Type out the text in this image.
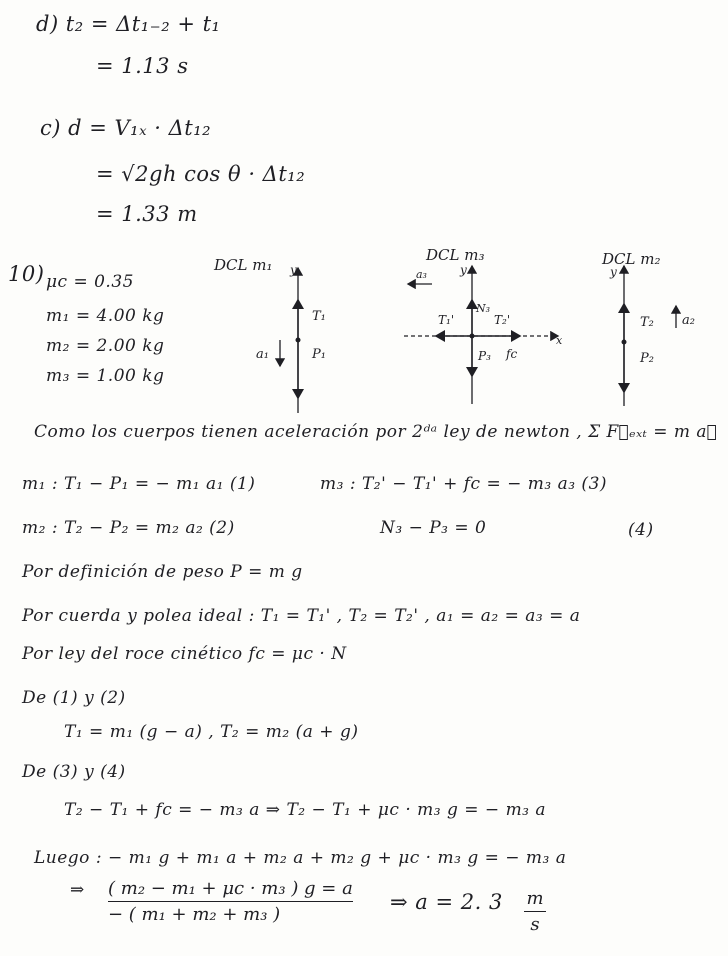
d) t₂ = Δt₁₋₂ + t₁
= 1.13 s
c) d = V₁ₓ · Δt₁₂
= √2gh cos θ · Δt₁₂
= 1.33 m
10) μc = 0.35
m₁ = 4.00 kg
m₂ = 2.00 kg
m₃ = 1.00 kg
DCL m₁ y
T₁
P₁
a₁
DCL m₃
y
a₃
x
N₃
T₁'	T₂'
P₃ fc
DCL m₂
y
T₂ a₂
P₂
Como los cuerpos tienen aceleración por 2ᵈᵃ ley de newton , Σ F⃗ₑₓₜ = m a⃗
m₁ : T₁ − P₁ = − m₁ a₁ (1)	m₃ : T₂' − T₁' + fc = − m₃ a₃ (3)
m₂ : T₂ − P₂ = m₂ a₂ (2)	N₃ − P₃ = 0	(4)
Por definición de peso P = m g
Por cuerda y polea ideal : T₁ = T₁' , T₂ = T₂' , a₁ = a₂ = a₃ = a
Por ley del roce cinético fc = μc · N
De (1) y (2)
T₁ = m₁ (g − a) , T₂ = m₂ (a + g)
De (3) y (4)
T₂ − T₁ + fc = − m₃ a ⇒ T₂ − T₁ + μc · m₃ g = − m₃ a
Luego : − m₁ g + m₁ a + m₂ a + m₂ g + μc · m₃ g = − m₃ a
⇒ $\frac{\text{( m₂ − m₁ + μc · m₃ ) g = a}}{\text{− ( m₁ + m₂ + m₃ )}}$ ⇒ a = 2. $3 \frac{m}{s}$
